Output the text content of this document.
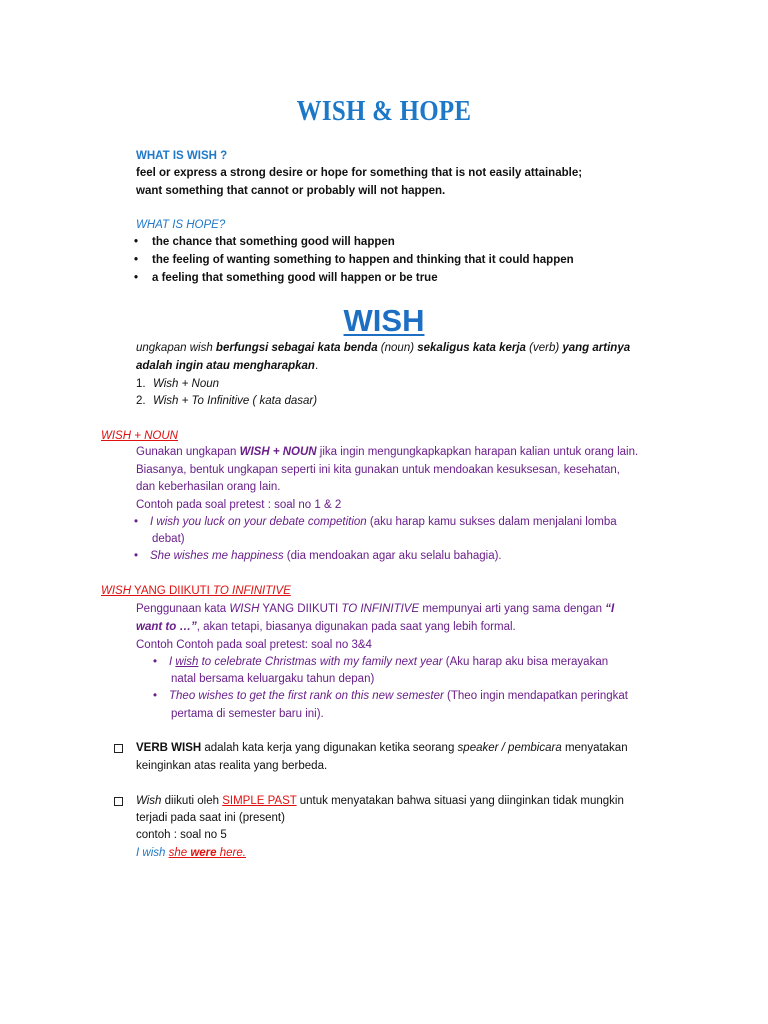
WISH & HOPE
WHAT IS WISH ?
feel or express a strong desire or hope for something that is not easily attainable;
want something that cannot or probably will not happen.
WHAT IS HOPE?
• the chance that something good will happen
• the feeling of wanting something to happen and thinking that it could happen
• a feeling that something good will happen or be true
WISH
ungkapan wish berfungsi sebagai kata benda (noun) sekaligus kata kerja (verb) yang artinya
adalah ingin atau mengharapkan.
1. Wish + Noun
2. Wish + To Infinitive ( kata dasar)
WISH + NOUN
Gunakan ungkapan WISH + NOUN jika ingin mengungkapkapkan harapan kalian untuk orang lain.
Biasanya, bentuk ungkapan seperti ini kita gunakan untuk mendoakan kesuksesan, kesehatan,
dan keberhasilan orang lain.
Contoh pada soal pretest : soal no 1 & 2
• I wish you luck on your debate competition (aku harap kamu sukses dalam menjalani lomba
debat)
• She wishes me happiness (dia mendoakan agar aku selalu bahagia).
WISH YANG DIIKUTI TO INFINITIVE
Penggunaan kata WISH YANG DIIKUTI TO INFINITIVE mempunyai arti yang sama dengan “I
want to …”, akan tetapi, biasanya digunakan pada saat yang lebih formal.
Contoh Contoh pada soal pretest: soal no 3&4
• I wish to celebrate Christmas with my family next year (Aku harap aku bisa merayakan
natal bersama keluargaku tahun depan)
• Theo wishes to get the first rank on this new semester (Theo ingin mendapatkan peringkat
pertama di semester baru ini).
VERB WISH adalah kata kerja yang digunakan ketika seorang speaker / pembicara menyatakan
keinginkan atas realita yang berbeda.
Wish diikuti oleh SIMPLE PAST untuk menyatakan bahwa situasi yang diinginkan tidak mungkin
terjadi pada saat ini (present)
contoh : soal no 5
I wish she were here.
